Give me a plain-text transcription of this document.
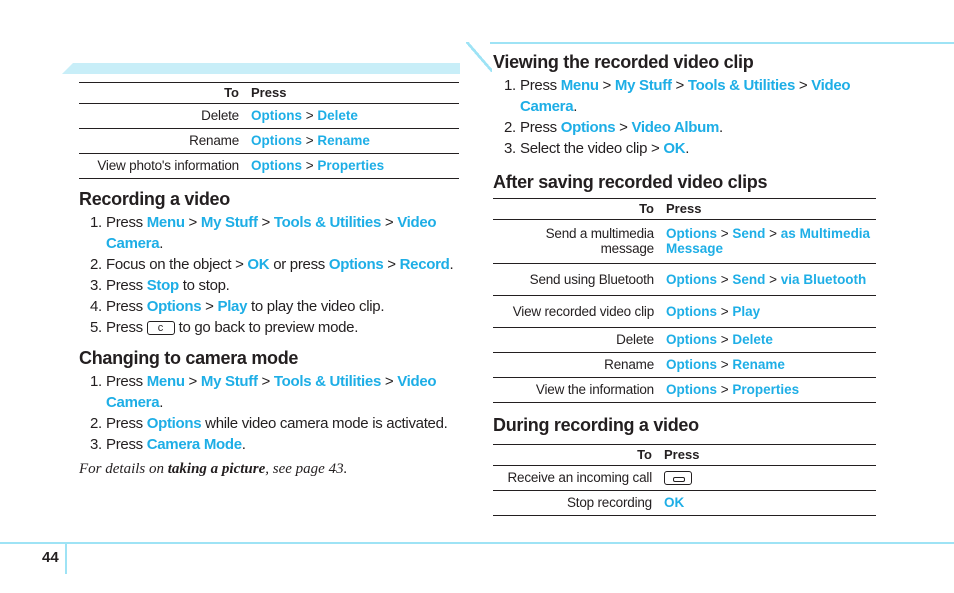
To	Press
Delete	Options > Delete
Rename	Options > Rename
View photo's information	Options > Properties
Recording a video
1. Press Menu > My Stuff > Tools & Utilities > Video
Camera.
2. Focus on the object > OK or press Options > Record.
3. Press Stop to stop.
4. Press Options > Play to play the video clip.
5. Press c to go back to preview mode.
Changing to camera mode
1. Press Menu > My Stuff > Tools & Utilities > Video
Camera.
2. Press Options while video camera mode is activated.
3. Press Camera Mode.

For details on taking a picture, see page 43.

Viewing the recorded video clip
1. Press Menu > My Stuff > Tools & Utilities > Video
Camera.
2. Press Options > Video Album.
3. Select the video clip > OK.
After saving recorded video clips
To	Press
Send a multimedia message	Options > Send > as Multimedia
Message
Send using Bluetooth	Options > Send > via Bluetooth
View recorded video clip	Options > Play
Delete	Options > Delete
Rename	Options > Rename
View the information	Options > Properties
During recording a video
To	Press
Receive an incoming call	
Stop recording	OK
44
